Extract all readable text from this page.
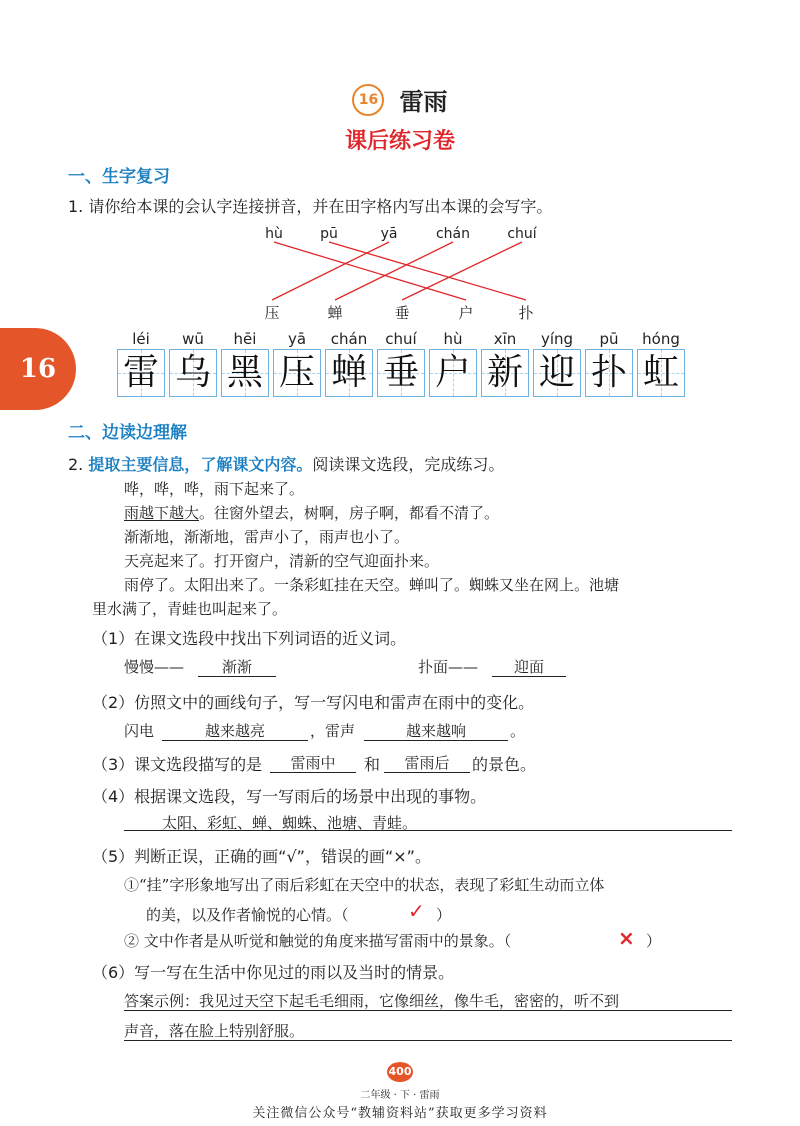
16 雷雨
课后练习卷
16
一、生字复习
1. 请你给本课的会认字连接拼音，并在田字格内写出本课的会写字。
hù	pū	yā	chán	chuí
压	蝉	垂	户	扑
léi	wū	hēi	yā	chán	chuí	hù	xīn	yíng	pū	hóng
雷 乌 黑 压 蝉 垂 户 新 迎 扑 虹
二、边读边理解
2. 提取主要信息，了解课文内容。阅读课文选段，完成练习。
哗，哗，哗，雨下起来了。
雨越下越大。往窗外望去，树啊，房子啊，都看不清了。
渐渐地，渐渐地，雷声小了，雨声也小了。
天亮起来了。打开窗户，清新的空气迎面扑来。
雨停了。太阳出来了。一条彩虹挂在天空。蝉叫了。蜘蛛又坐在网上。池塘
里水满了，青蛙也叫起来了。
（1）在课文选段中找出下列词语的近义词。
慢慢——	渐渐	扑面——	迎面
（2）仿照文中的画线句子，写一写闪电和雷声在雨中的变化。
闪电	越来越亮	，雷声	越来越响	。
（3）课文选段描写的是	雷雨中	和	雷雨后	的景色。
（4）根据课文选段，写一写雨后的场景中出现的事物。
太阳、彩虹、蝉、蜘蛛、池塘、青蛙。
（5）判断正误，正确的画“√”，错误的画“×”。
①“挂”字形象地写出了雨后彩虹在天空中的状态，表现了彩虹生动而立体
的美，以及作者愉悦的心情。（	✓ ）
② 文中作者是从听觉和触觉的角度来描写雷雨中的景象。（	× ）
（6）写一写在生活中你见过的雨以及当时的情景。
答案示例：我见过天空下起毛毛细雨，它像细丝，像牛毛，密密的，听不到
声音，落在脸上特别舒服。
400
二年级 · 下 · 雷雨
关注微信公众号“教辅资料站”获取更多学习资料
